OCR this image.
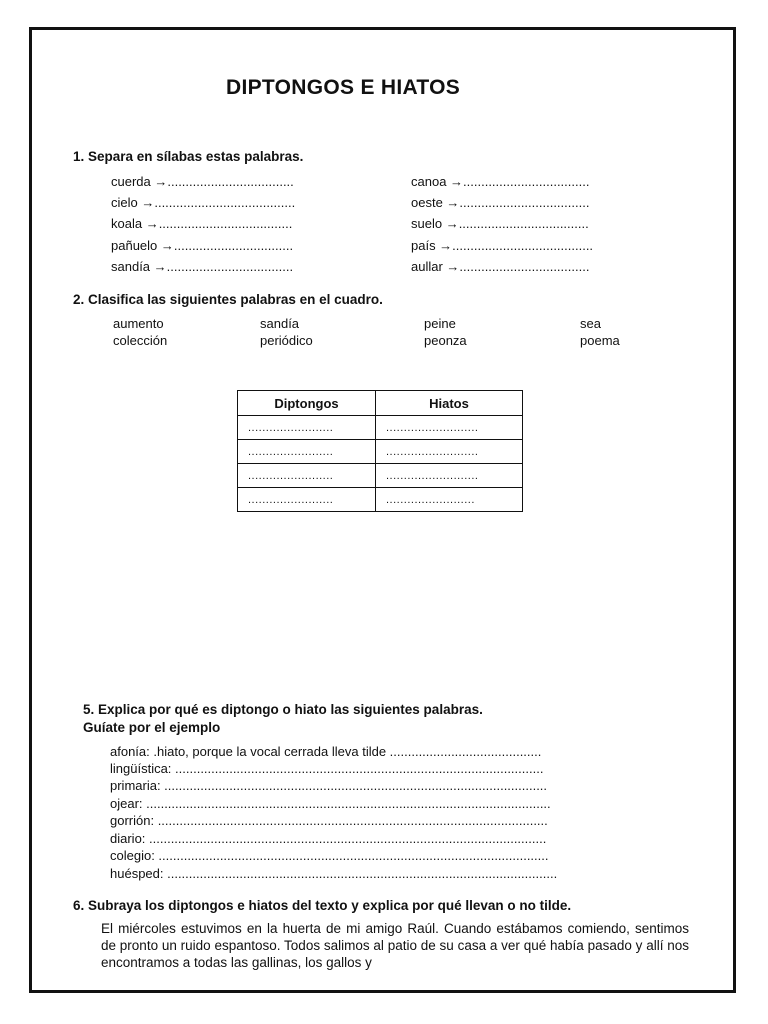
DIPTONGOS E HIATOS
1. Separa en sílabas estas palabras.
cuerda →...................................
cielo →.......................................
koala →.....................................
pañuelo →.................................
sandía →...................................
canoa →...................................
oeste →....................................
suelo →....................................
país →.......................................
aullar →....................................
2. Clasifica las siguientes palabras en el cuadro.
aumento	sandía	peine	sea
colección	periódico	peonza	poema
Diptongos	Hiatos
........................	..........................
........................	..........................
........................	..........................
........................	.........................
5. Explica por qué es diptongo o hiato las siguientes palabras.
Guíate por el ejemplo
afonía: .hiato, porque la vocal cerrada lleva tilde ..........................................
lingüística: ......................................................................................................
primaria: ..........................................................................................................
ojear: ................................................................................................................
gorrión: ............................................................................................................
diario: ..............................................................................................................
colegio: ............................................................................................................
huésped: ............................................................................................................
6. Subraya los diptongos e hiatos del texto y explica por qué llevan o no tilde.
El miércoles estuvimos en la huerta de mi amigo Raúl. Cuando estábamos comiendo, sentimos de pronto un ruido espantoso. Todos salimos al patio de su casa a ver qué había pasado y allí nos encontramos a todas las gallinas, los gallos y
